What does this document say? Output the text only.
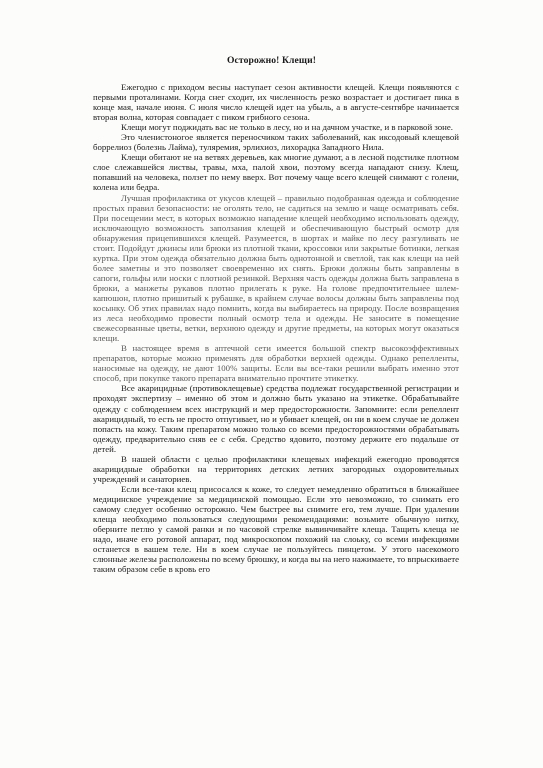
Осторожно! Клещи!

Ежегодно с приходом весны наступает сезон активности клещей. Клещи появляются с первыми проталинами. Когда снег сходит, их численность резко возрастает и достигает пика в конце мая, начале июня. С июля число клещей идет на убыль, а в августе-сентябре начинается вторая волна, которая совпадает с пиком грибного сезона.

Клещи могут поджидать вас не только в лесу, но и на дачном участке, и в парковой зоне.

Это членистоногое является переносчиком таких заболеваний, как иксодовый клещевой боррелиоз (болезнь Лайма), туляремия, эрлихиоз, лихорадка Западного Нила.

Клещи обитают не на ветвях деревьев, как многие думают, а в лесной подстилке плотном слое слежавшейся листвы, травы, мха, палой хвои, поэтому всегда нападают снизу. Клещ, попавший на человека, ползет по нему вверх. Вот почему чаще всего клещей снимают с голени, колена или бедра.

Лучшая профилактика от укусов клещей – правильно подобранная одежда и соблюдение простых правил безопасности: не оголять тело, не садиться на землю и чаще осматривать себя. При посещении мест, в которых возможно нападение клещей необходимо использовать одежду, исключающую возможность заползания клещей и обеспечивающую быстрый осмотр для обнаружения прицепившихся клещей. Разумеется, в шортах и майке по лесу разгуливать не стоит. Подойдут джинсы или брюки из плотной ткани, кроссовки или закрытые ботинки, легкая куртка. При этом одежда обязательно должна быть однотонной и светлой, так как клещи на ней более заметны и это позволяет своевременно их снять. Брюки должны быть заправлены в сапоги, гольфы или носки с плотной резинкой. Верхняя часть одежды должна быть заправлена в брюки, а манжеты рукавов плотно прилегать к руке. На голове предпочтительнее шлем-капюшон, плотно пришитый к рубашке, в крайнем случае волосы должны быть заправлены под косынку. Об этих правилах надо помнить, когда вы выбираетесь на природу. После возвращения из леса необходимо провести полный осмотр тела и одежды. Не заносите в помещение свежесорванные цветы, ветки, верхнюю одежду и другие предметы, на которых могут оказаться клещи.

В настоящее время в аптечной сети имеется большой спектр высокоэффективных препаратов, которые можно применять для обработки верхней одежды. Однако репелленты, наносимые на одежду, не дают 100% защиты. Если вы все-таки решили выбрать именно этот способ, при покупке такого препарата внимательно прочтите этикетку.

Все акарицидные (противоклещевые) средства подлежат государственной регистрации и проходят экспертизу – именно об этом и должно быть указано на этикетке. Обрабатывайте одежду с соблюдением всех инструкций и мер предосторожности. Запомните: если репеллент акарицидный, то есть не просто отпугивает, но и убивает клещей, он ни в коем случае не должен попасть на кожу. Таким препаратом можно только со всеми предосторожностями обрабатывать одежду, предварительно сняв ее с себя. Средство ядовито, поэтому держите его подальше от детей.

В нашей области с целью профилактики клещевых инфекций ежегодно проводятся акарицидные обработки на территориях детских летних загородных оздоровительных учреждений и санаториев.

Если все-таки клещ присосался к коже, то следует немедленно обратиться в ближайшее медицинское учреждение за медицинской помощью. Если это невозможно, то снимать его самому следует особенно осторожно. Чем быстрее вы снимите его, тем лучше. При удалении клеща необходимо пользоваться следующими рекомендациями: возьмите обычную нитку, оберните петлю у самой ранки и по часовой стрелке вывинчивайте клеща. Тащить клеща не надо, иначе его ротовой аппарат, под микроскопом похожий на слоьку, со всеми инфекциями останется в вашем теле. Ни в коем случае не пользуйтесь пинцетом. У этого насекомого слюнные железы расположены по всему брюшку, и когда вы на него нажимаете, то впрыскиваете таким образом себе в кровь его
